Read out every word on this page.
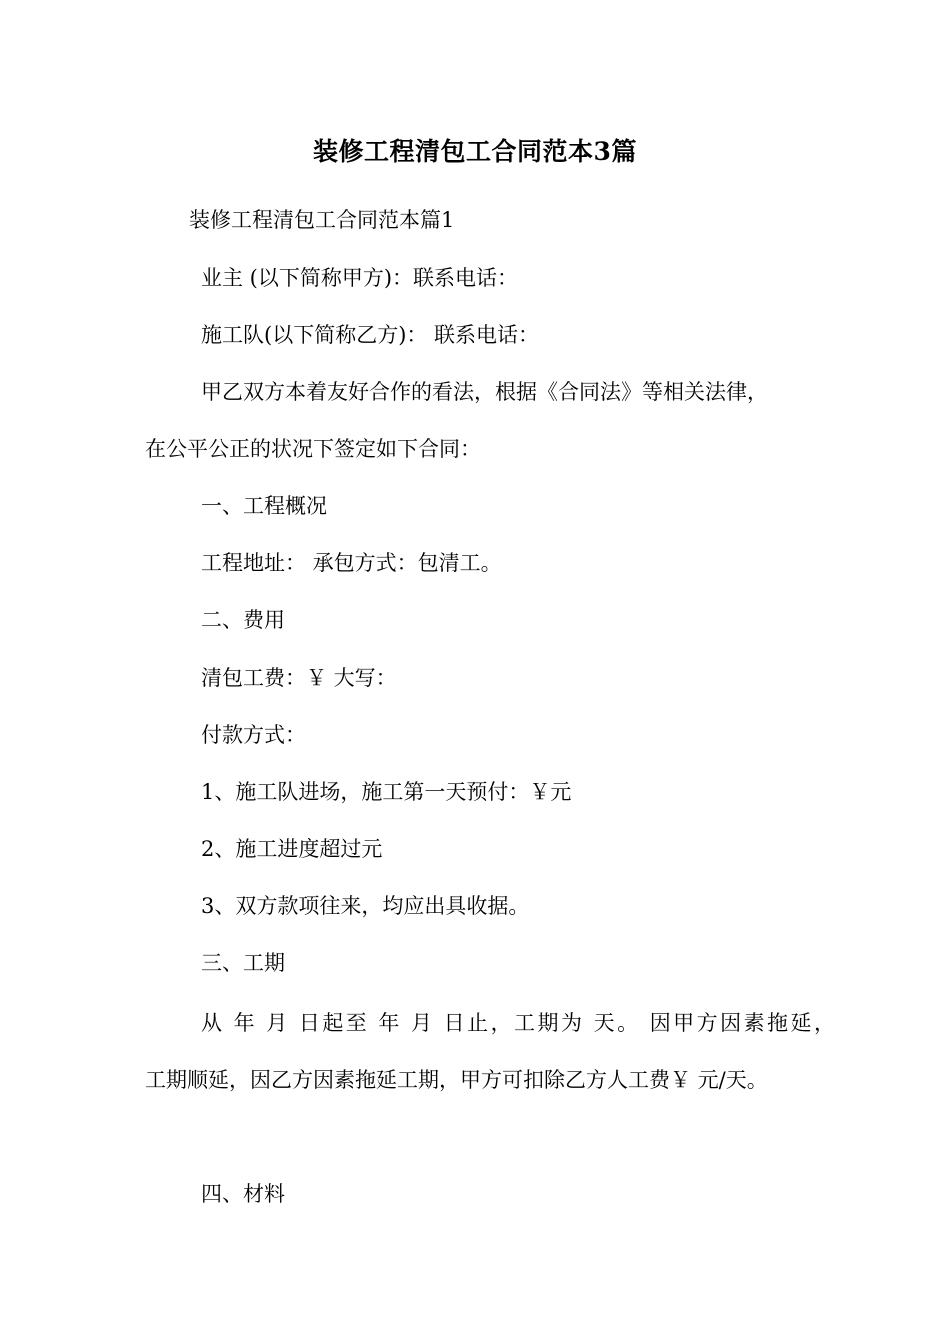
装修工程清包工合同范本3篇
装修工程清包工合同范本篇1
业主 (以下简称甲方)：联系电话：
施工队(以下简称乙方)： 联系电话：
甲乙双方本着友好合作的看法，根据《合同法》等相关法律，
在公平公正的状况下签定如下合同：
一、工程概况
工程地址： 承包方式：包清工。
二、费用
清包工费：￥ 大写：
付款方式：
1、施工队进场，施工第一天预付：￥元
2、施工进度超过元
3、双方款项往来，均应出具收据。
三、工期
从 年 月 日起至 年 月 日止，工期为 天。 因甲方因素拖延，
工期顺延，因乙方因素拖延工期，甲方可扣除乙方人工费￥ 元/天。
四、材料
